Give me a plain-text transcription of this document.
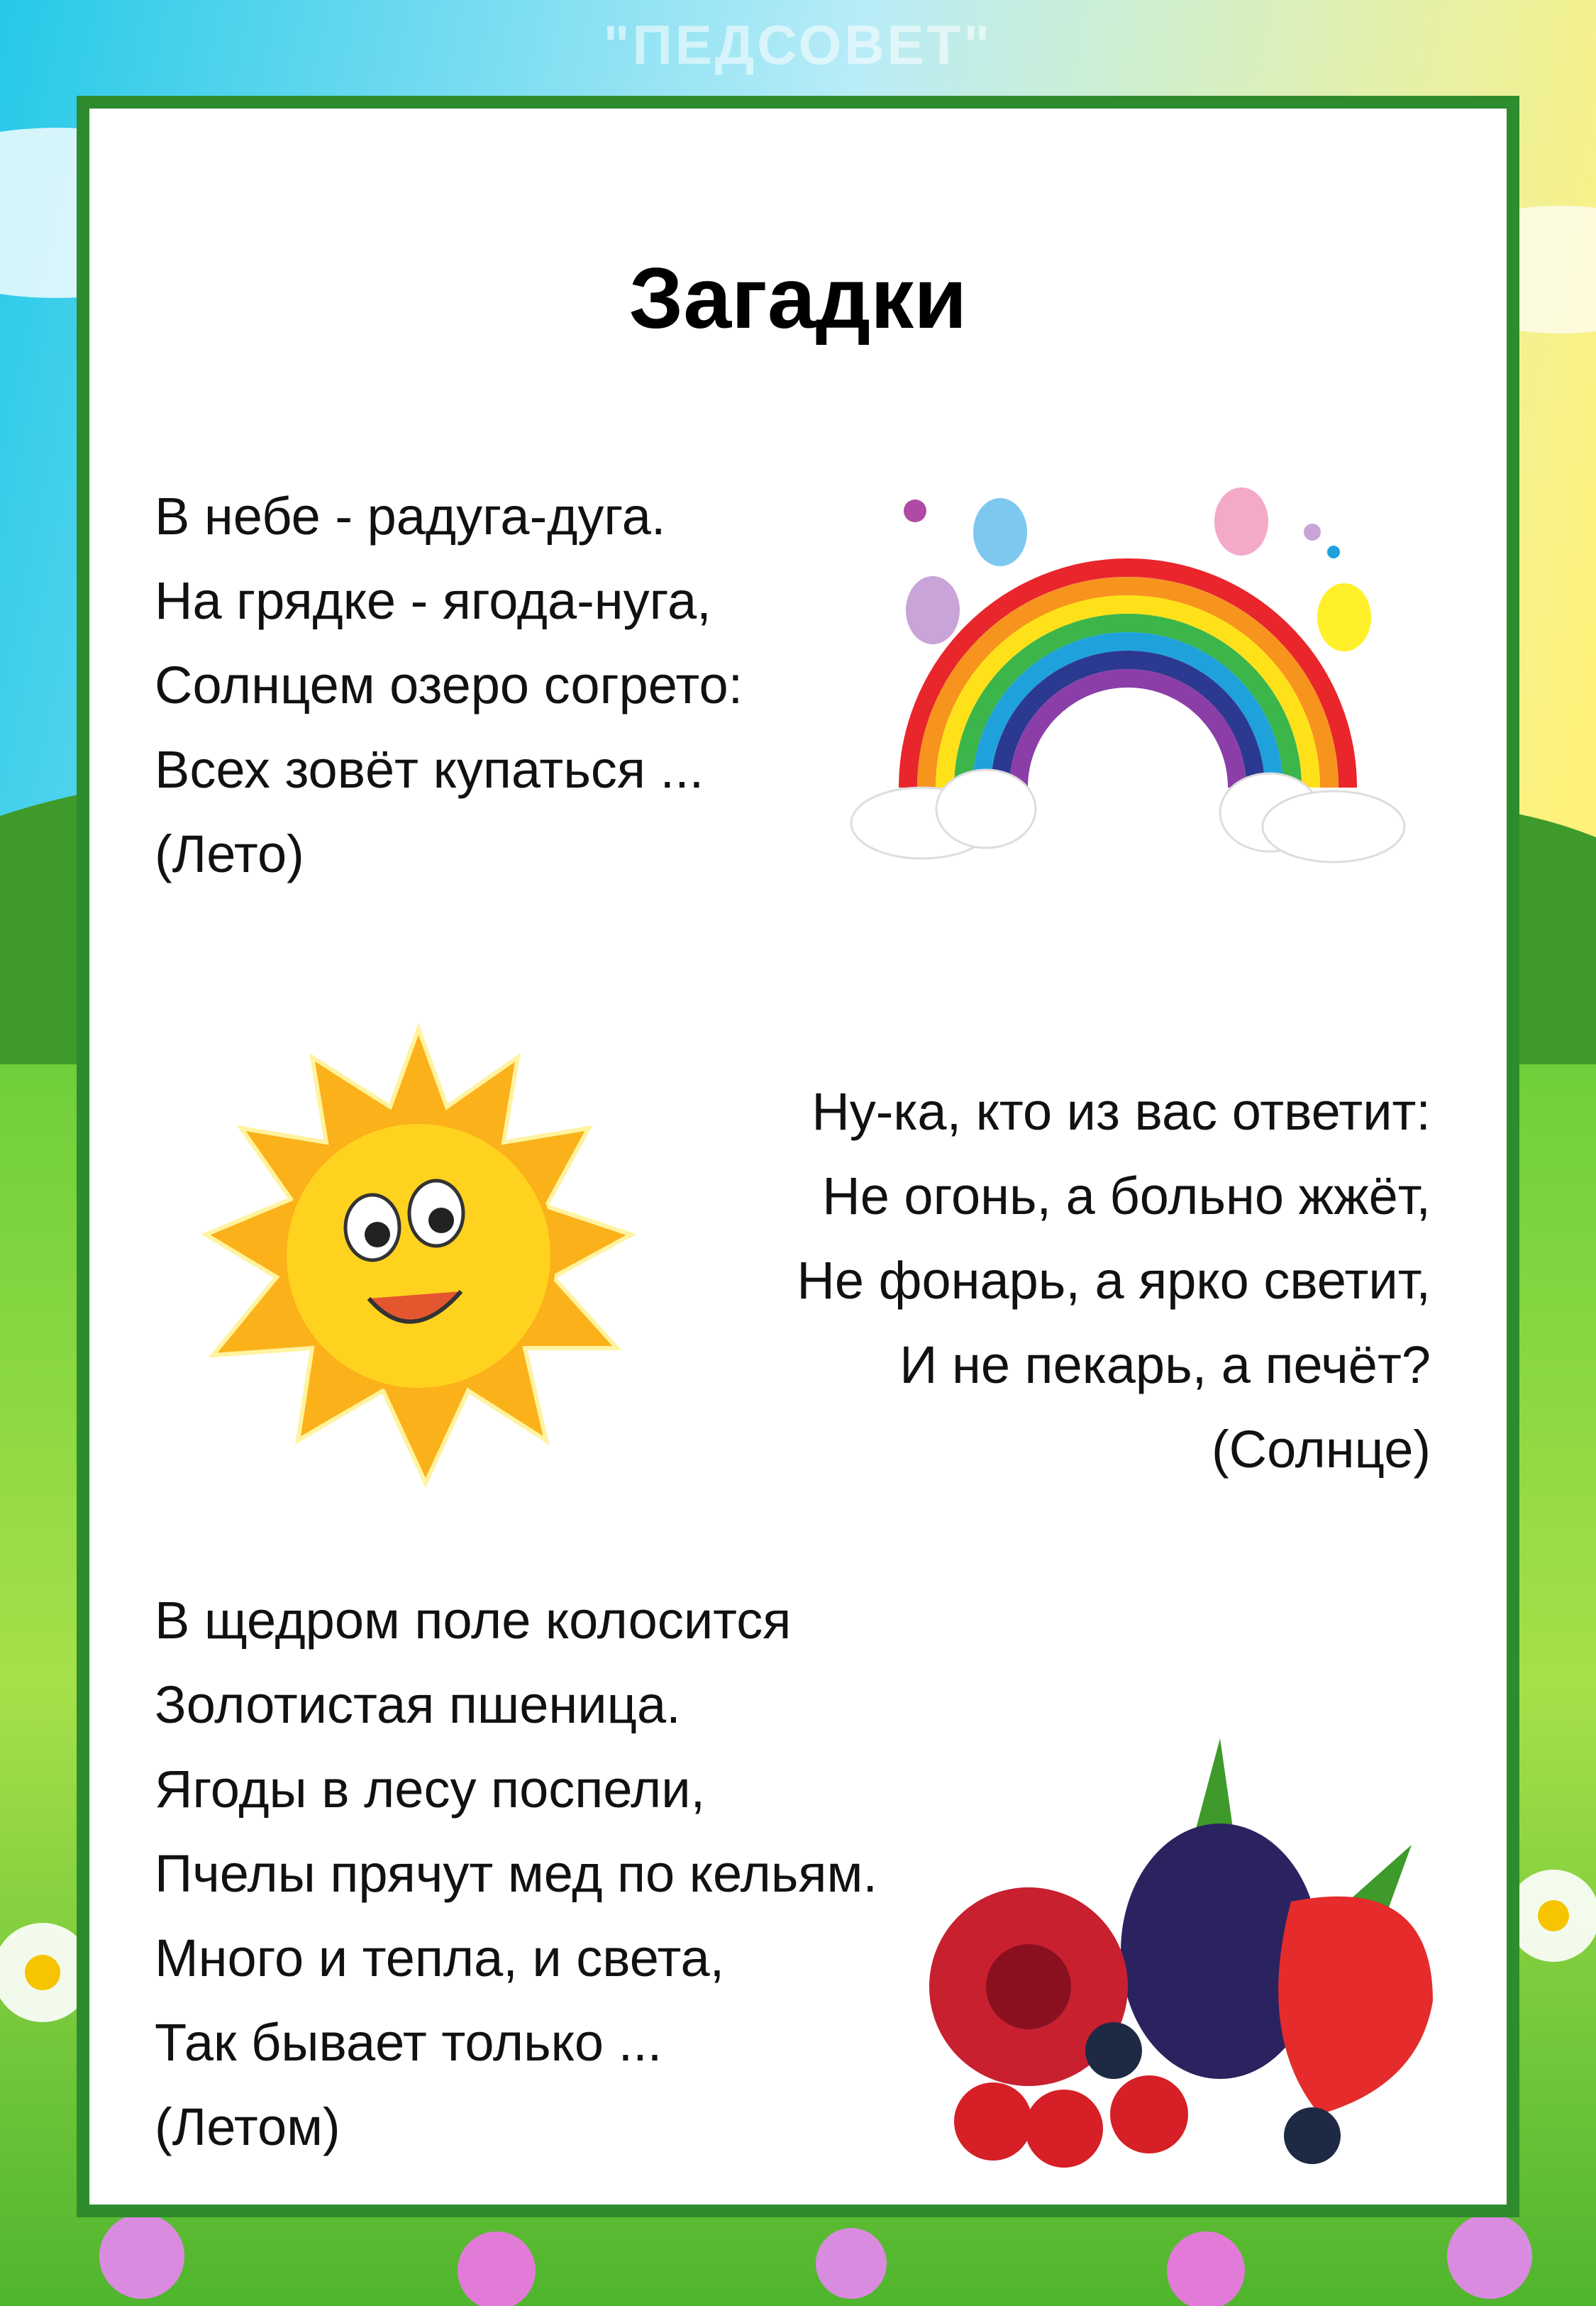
"ПЕДСОВЕТ"
Загадки
В небе - радуга-дуга.
На грядке - ягода-нуга,
Солнцем озеро согрето:
Всех зовёт купаться ...
(Лето)
Ну-ка, кто из вас ответит:
Не огонь, а больно жжёт,
Не фонарь, а ярко светит,
И не пекарь, а печёт?
(Солнце)
В щедром поле колосится
Золотистая пшеница.
Ягоды в лесу поспели,
Пчелы прячут мед по кельям.
Много и тепла, и света,
Так бывает только ...
(Летом)
